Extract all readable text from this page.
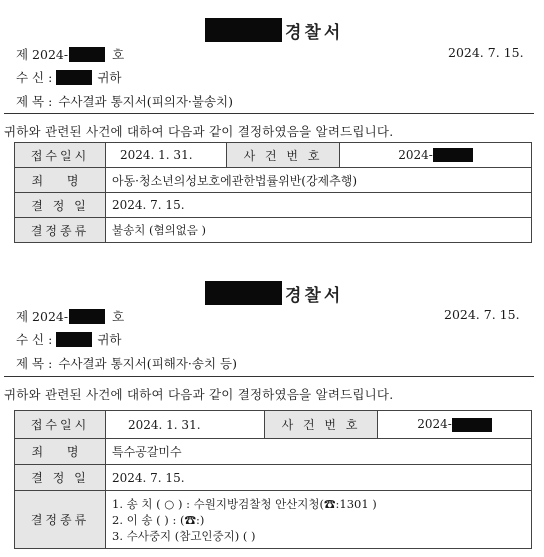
경찰서
제 2024-	호	2024. 7. 15.
수 신 :	귀하
제 목 : 수사결과 통지서(피의자·불송치)
귀하와 관련된 사건에 대하여 다음과 같이 결정하였음을 알려드립니다.
접수일시	2024. 1. 31.	사 건 번 호	2024-
죄 명	아동·청소년의성보호에관한법률위반(강제추행)		
결 정 일	2024. 7. 15.		
결정종류	불송치 (혐의없음 )		
경찰서
제 2024-	호	2024. 7. 15.
수 신 :	귀하
제 목 : 수사결과 통지서(피해자·송치 등)
귀하와 관련된 사건에 대하여 다음과 같이 결정하였음을 알려드립니다.
접수일시	2024. 1. 31.	사 건 번 호	2024-
죄 명	특수공갈미수		
결 정 일	2024. 7. 15.		
결정종류	1. 송 치 ( ○ ) : 수원지방검찰청 안산지청(☎:1301 )
2. 이 송 ( ) : (☎:)
3. 수사중지 (참고인중지) ( )		
